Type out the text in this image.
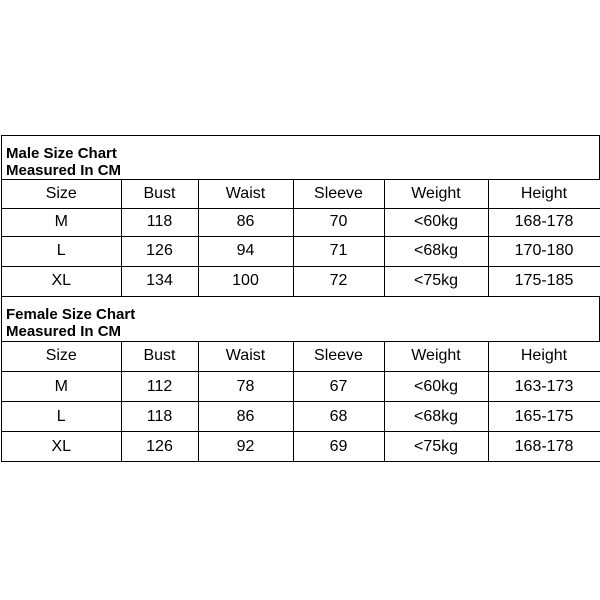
Male Size Chart
Measured In CM
Size	Bust	Waist	Sleeve	Weight	Height
M	118	86	70	<60kg	168-178
L	126	94	71	<68kg	170-180
XL	134	100	72	<75kg	175-185
Female Size Chart
Measured In CM
Size	Bust	Waist	Sleeve	Weight	Height
M	112	78	67	<60kg	163-173
L	118	86	68	<68kg	165-175
XL	126	92	69	<75kg	168-178
